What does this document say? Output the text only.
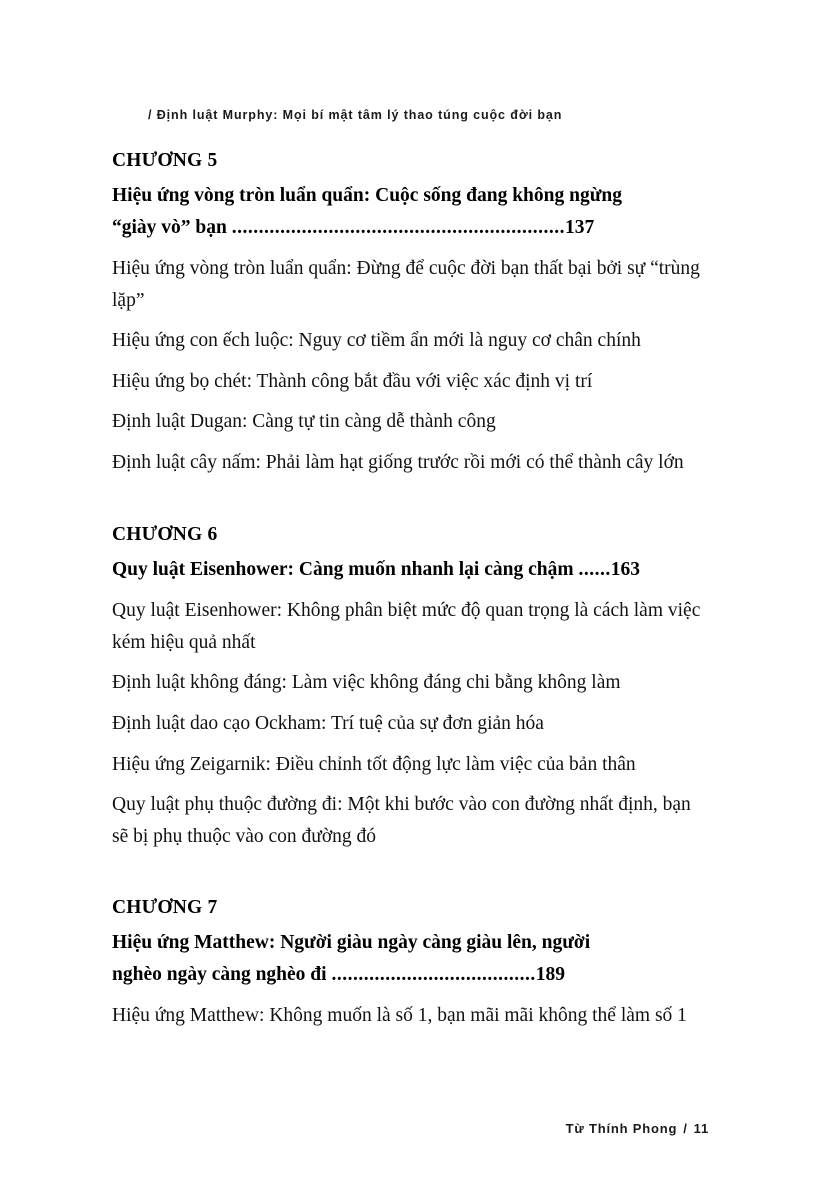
/ Định luật Murphy: Mọi bí mật tâm lý thao túng cuộc đời bạn
CHƯƠNG 5
Hiệu ứng vòng tròn luẩn quẩn: Cuộc sống đang không ngừng
“giày vò” bạn ..............................................................137

Hiệu ứng vòng tròn luẩn quẩn: Đừng để cuộc đời bạn thất bại bởi sự “trùng lặp”

Hiệu ứng con ếch luộc: Nguy cơ tiềm ẩn mới là nguy cơ chân chính

Hiệu ứng bọ chét: Thành công bắt đầu với việc xác định vị trí

Định luật Dugan: Càng tự tin càng dễ thành công

Định luật cây nấm: Phải làm hạt giống trước rồi mới có thể thành cây lớn

CHƯƠNG 6
Quy luật Eisenhower: Càng muốn nhanh lại càng chậm ......163

Quy luật Eisenhower: Không phân biệt mức độ quan trọng là cách làm việc kém hiệu quả nhất

Định luật không đáng: Làm việc không đáng chi bằng không làm

Định luật dao cạo Ockham: Trí tuệ của sự đơn giản hóa

Hiệu ứng Zeigarnik: Điều chỉnh tốt động lực làm việc của bản thân

Quy luật phụ thuộc đường đi: Một khi bước vào con đường nhất định, bạn sẽ bị phụ thuộc vào con đường đó

CHƯƠNG 7
Hiệu ứng Matthew: Người giàu ngày càng giàu lên, người
nghèo ngày càng nghèo đi ......................................189

Hiệu ứng Matthew: Không muốn là số 1, bạn mãi mãi không thể làm số 1

Từ Thính Phong / 11
